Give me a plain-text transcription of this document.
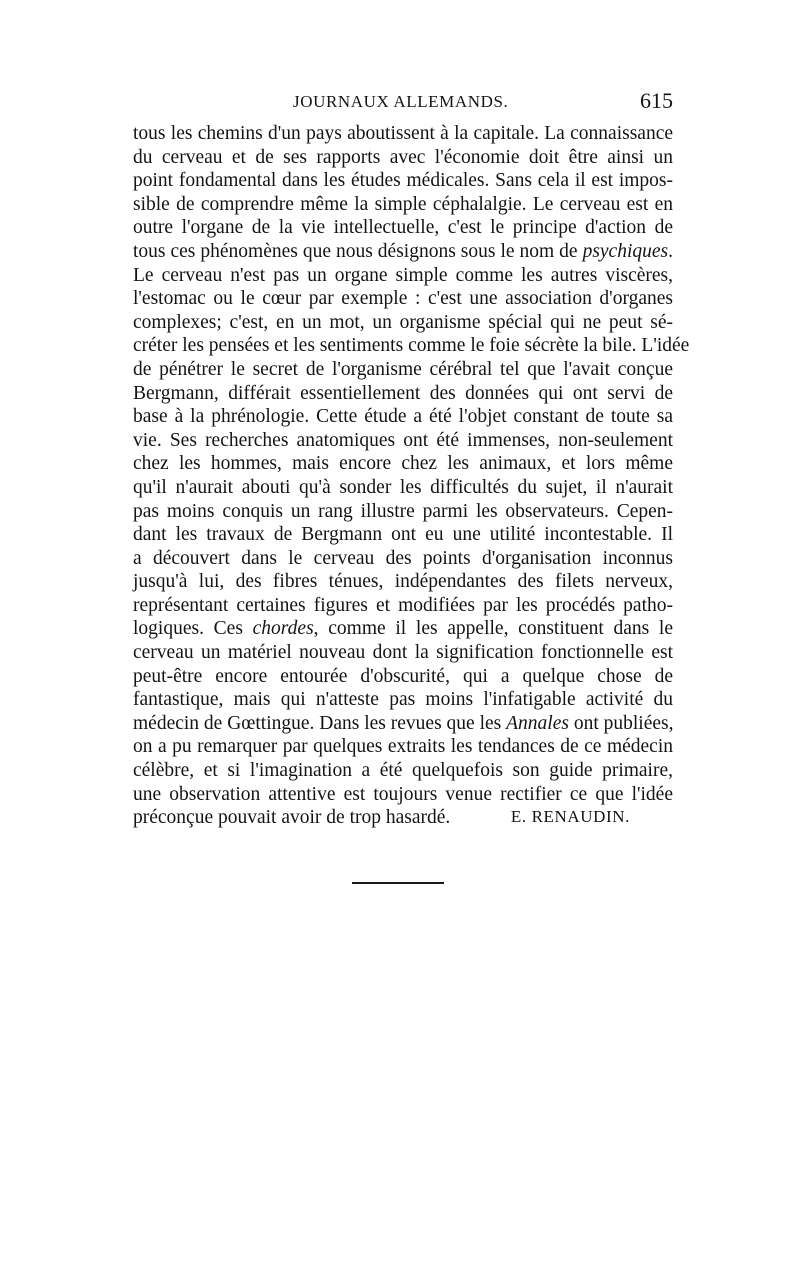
JOURNAUX ALLEMANDS.	615
tous les chemins d'un pays aboutissent à la capitale. La connaissance
du cerveau et de ses rapports avec l'économie doit être ainsi un
point fondamental dans les études médicales. Sans cela il est impos-
sible de comprendre même la simple céphalalgie. Le cerveau est en
outre l'organe de la vie intellectuelle, c'est le principe d'action de
tous ces phénomènes que nous désignons sous le nom de psychiques.
Le cerveau n'est pas un organe simple comme les autres viscères,
l'estomac ou le cœur par exemple : c'est une association d'organes
complexes; c'est, en un mot, un organisme spécial qui ne peut sé-
créter les pensées et les sentiments comme le foie sécrète la bile. L'idée
de pénétrer le secret de l'organisme cérébral tel que l'avait conçue
Bergmann, différait essentiellement des données qui ont servi de
base à la phrénologie. Cette étude a été l'objet constant de toute sa
vie. Ses recherches anatomiques ont été immenses, non-seulement
chez les hommes, mais encore chez les animaux, et lors même
qu'il n'aurait abouti qu'à sonder les difficultés du sujet, il n'aurait
pas moins conquis un rang illustre parmi les observateurs. Cepen-
dant les travaux de Bergmann ont eu une utilité incontestable. Il
a découvert dans le cerveau des points d'organisation inconnus
jusqu'à lui, des fibres ténues, indépendantes des filets nerveux,
représentant certaines figures et modifiées par les procédés patho-
logiques. Ces chordes, comme il les appelle, constituent dans le
cerveau un matériel nouveau dont la signification fonctionnelle est
peut-être encore entourée d'obscurité, qui a quelque chose de
fantastique, mais qui n'atteste pas moins l'infatigable activité du
médecin de Gœttingue. Dans les revues que les Annales ont publiées,
on a pu remarquer par quelques extraits les tendances de ce médecin
célèbre, et si l'imagination a été quelquefois son guide primaire,
une observation attentive est toujours venue rectifier ce que l'idée
préconçue pouvait avoir de trop hasardé.	E. RENAUDIN.
